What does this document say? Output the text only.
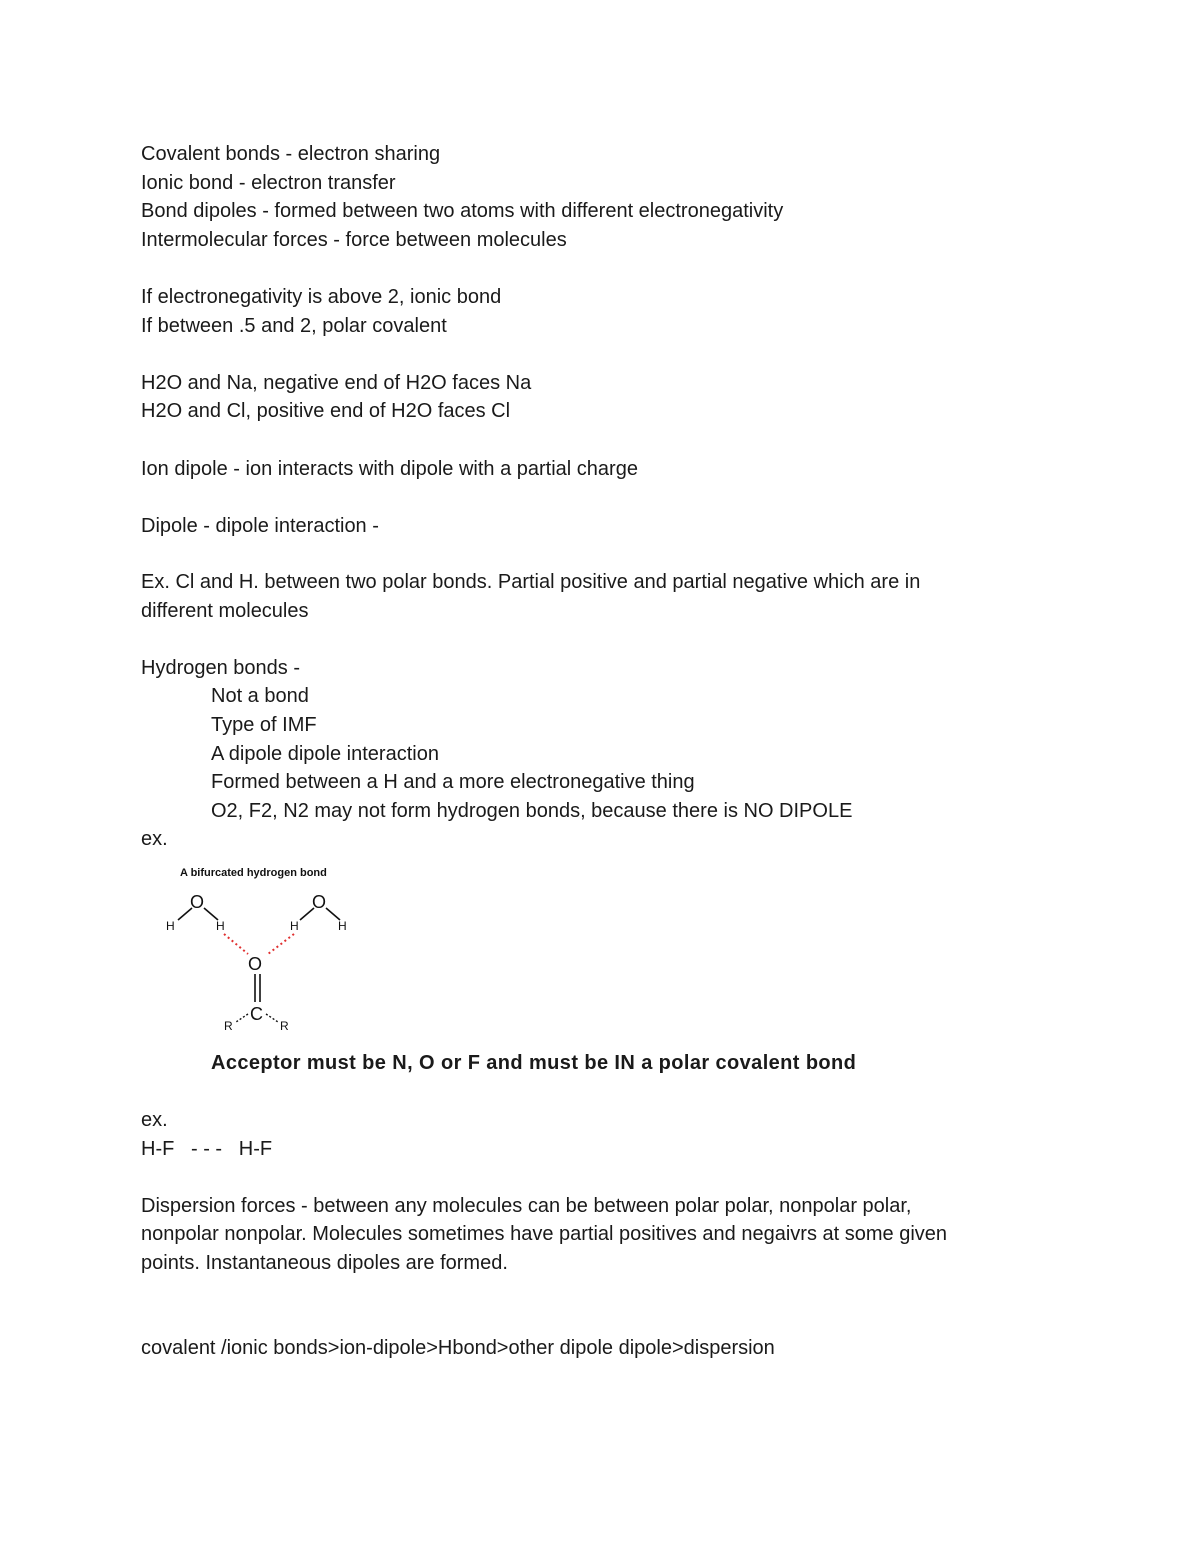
Covalent bonds - electron sharing
Ionic bond - electron transfer
Bond dipoles - formed between two atoms with different electronegativity
Intermolecular forces - force between molecules
If electronegativity is above 2, ionic bond
If between .5 and 2, polar covalent
H2O and Na, negative end of H2O faces Na
H2O and Cl, positive end of H2O faces Cl
Ion dipole - ion interacts with dipole with a partial charge
Dipole - dipole interaction -
Ex. Cl and H. between two polar bonds. Partial positive and partial negative which are in
different molecules
Hydrogen bonds -
Not a bond
Type of IMF
A dipole dipole interaction
Formed between a H and a more electronegative thing
O2, F2, N2 may not form hydrogen bonds, because there is NO DIPOLE
ex.
A bifurcated hydrogen bond
O
H	H
O
H	H
O
C
R	R
Acceptor must be N, O or F and must be IN a polar covalent bond
ex.
H-F   - - -   H-F
Dispersion forces - between any molecules can be between polar polar, nonpolar polar,
nonpolar nonpolar. Molecules sometimes have partial positives and negaivrs at some given
points. Instantaneous dipoles are formed.
covalent /ionic bonds>ion-dipole>Hbond>other dipole dipole>dispersion
